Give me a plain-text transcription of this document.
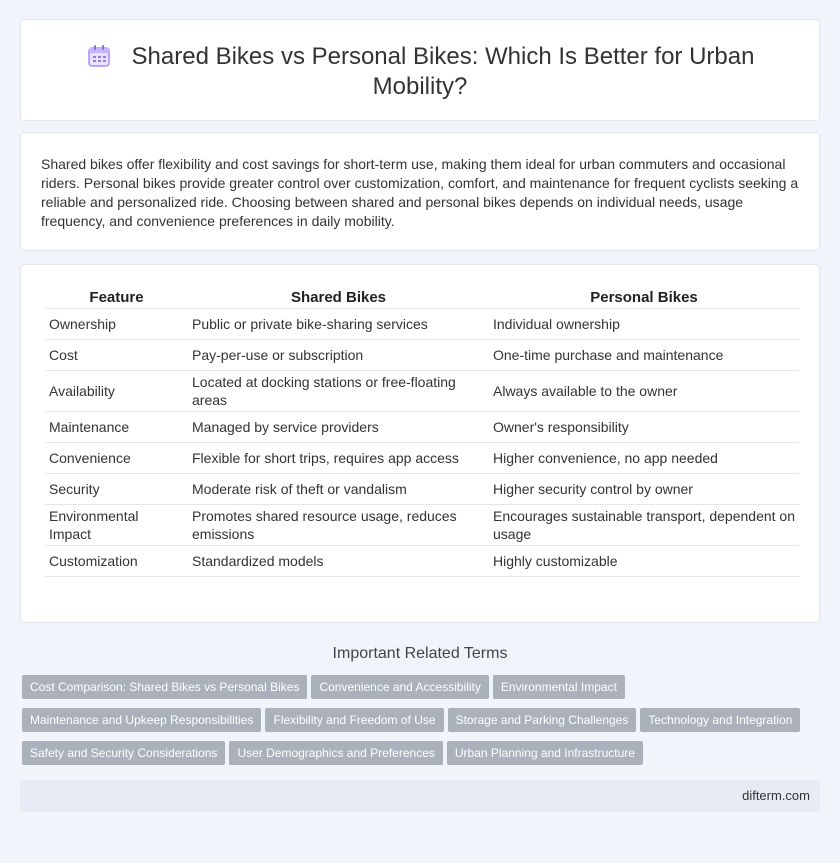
Shared Bikes vs Personal Bikes: Which Is Better for Urban Mobility?

Shared bikes offer flexibility and cost savings for short-term use, making them ideal for urban commuters and occasional riders. Personal bikes provide greater control over customization, comfort, and maintenance for frequent cyclists seeking a reliable and personalized ride. Choosing between shared and personal bikes depends on individual needs, usage frequency, and convenience preferences in daily mobility.

Feature	Shared Bikes	Personal Bikes
Ownership	Public or private bike-sharing services	Individual ownership
Cost	Pay-per-use or subscription	One-time purchase and maintenance
Availability	Located at docking stations or free-floating areas	Always available to the owner
Maintenance	Managed by service providers	Owner's responsibility
Convenience	Flexible for short trips, requires app access	Higher convenience, no app needed
Security	Moderate risk of theft or vandalism	Higher security control by owner
Environmental Impact	Promotes shared resource usage, reduces emissions	Encourages sustainable transport, dependent on usage
Customization	Standardized models	Highly customizable
Important Related Terms
Cost Comparison: Shared Bikes vs Personal Bikes Convenience and Accessibility Environmental Impact
Maintenance and Upkeep Responsibilities Flexibility and Freedom of Use Storage and Parking Challenges Technology and Integration
Safety and Security Considerations User Demographics and Preferences Urban Planning and Infrastructure
difterm.com
